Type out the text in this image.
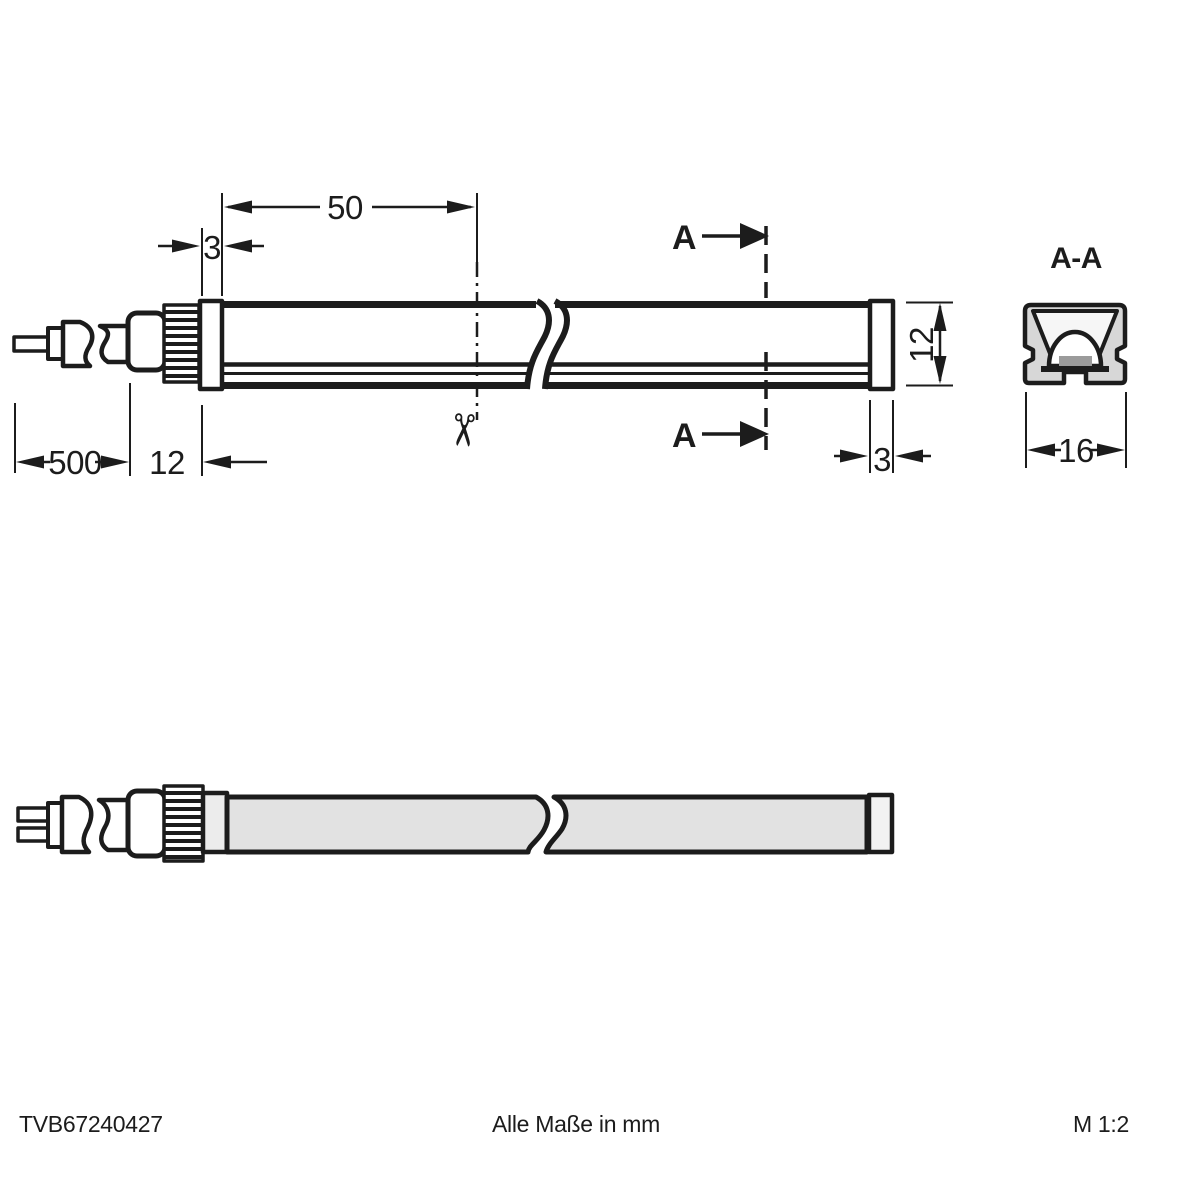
✂
50
3
500 12
A
A
12
3
A-A
16
TVB67240427	Alle Maße in mm	M 1:2
